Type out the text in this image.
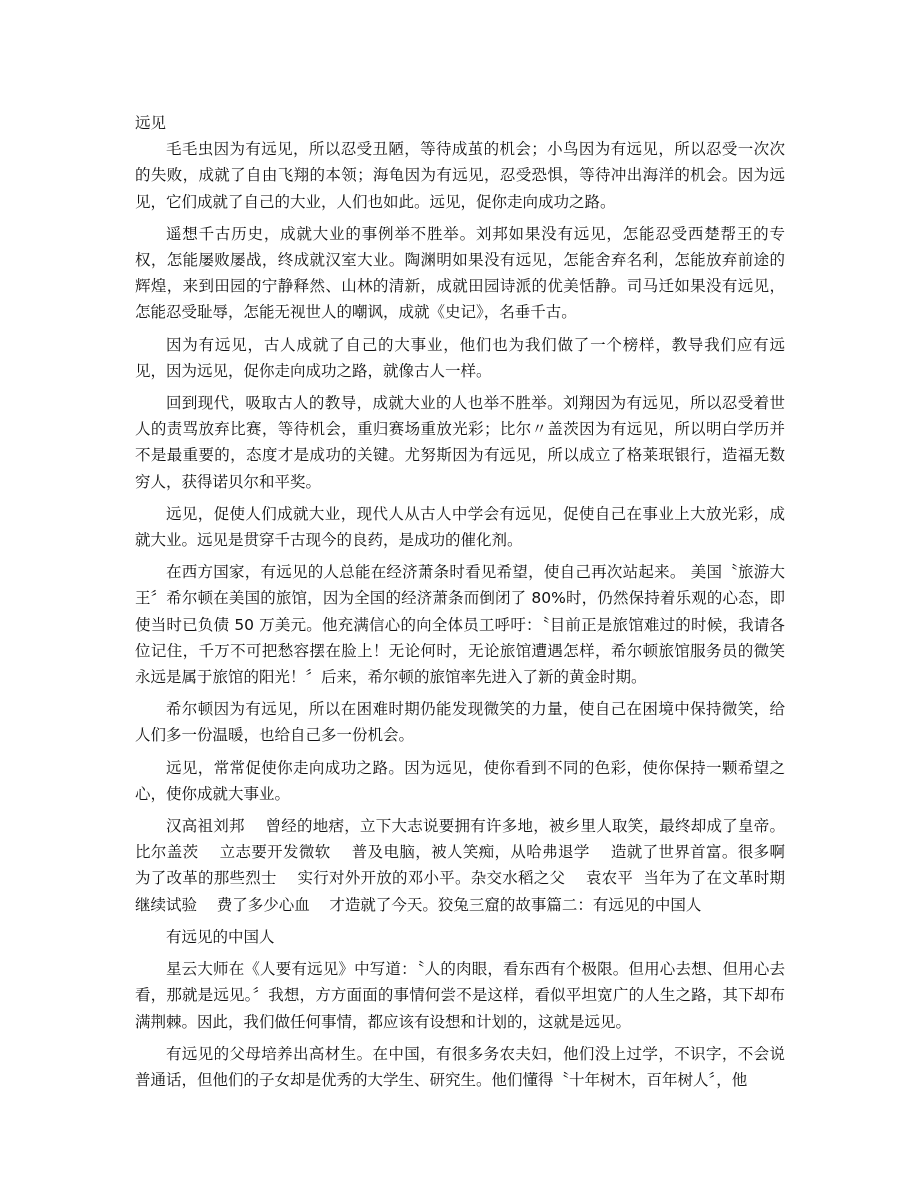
远见

毛毛虫因为有远见，所以忍受丑陋，等待成茧的机会；小鸟因为有远见，所以忍受一次次的失败，成就了自由飞翔的本领；海龟因为有远见，忍受恐惧，等待冲出海洋的机会。因为远见，它们成就了自己的大业，人们也如此。远见，促你走向成功之路。

遥想千古历史，成就大业的事例举不胜举。刘邦如果没有远见，怎能忍受西楚帮王的专权，怎能屡败屡战，终成就汉室大业。陶渊明如果没有远见，怎能舍弃名利，怎能放弃前途的辉煌，来到田园的宁静释然、山林的清新，成就田园诗派的优美恬静。司马迁如果没有远见，怎能忍受耻辱，怎能无视世人的嘲讽，成就《史记》，名垂千古。

因为有远见，古人成就了自己的大事业，他们也为我们做了一个榜样，教导我们应有远见，因为远见，促你走向成功之路，就像古人一样。

回到现代，吸取古人的教导，成就大业的人也举不胜举。刘翔因为有远见，所以忍受着世人的责骂放弃比赛，等待机会，重归赛场重放光彩；比尔〃盖茨因为有远见，所以明白学历并不是最重要的，态度才是成功的关键。尤努斯因为有远见，所以成立了格莱珉银行，造福无数穷人，获得诺贝尔和平奖。

远见，促使人们成就大业，现代人从古人中学会有远见，促使自己在事业上大放光彩，成就大业。远见是贯穿千古现今的良药，是成功的催化剂。

在西方国家，有远见的人总能在经济萧条时看见希望，使自己再次站起来。 美国〝旅游大王〞希尔顿在美国的旅馆，因为全国的经济萧条而倒闭了 80%时，仍然保持着乐观的心态，即使当时已负债 50 万美元。他充满信心的向全体员工呼吁：〝目前正是旅馆难过的时候，我请各位记住，千万不可把愁容摆在脸上！无论何时，无论旅馆遭遇怎样，希尔顿旅馆服务员的微笑永远是属于旅馆的阳光！〞后来，希尔顿的旅馆率先进入了新的黄金时期。

希尔顿因为有远见，所以在困难时期仍能发现微笑的力量，使自己在困境中保持微笑，给人们多一份温暖，也给自己多一份机会。

远见，常常促使你走向成功之路。因为远见，使你看到不同的色彩，使你保持一颗希望之心，使你成就大事业。

汉高祖刘邦    曾经的地痞，立下大志说要拥有许多地，被乡里人取笑，最终却成了皇帝。比尔盖茨    立志要开发微软    普及电脑，被人笑痴，从哈弗退学    造就了世界首富。很多啊    为了改革的那些烈士    实行对外开放的邓小平。杂交水稻之父    袁农平  当年为了在文革时期继续试验    费了多少心血    才造就了今天。狡兔三窟的故事篇二：有远见的中国人

有远见的中国人

星云大师在《人要有远见》中写道：〝人的肉眼，看东西有个极限。但用心去想、但用心去看，那就是远见。〞我想，方方面面的事情何尝不是这样，看似平坦宽广的人生之路，其下却布满荆棘。因此，我们做任何事情，都应该有设想和计划的，这就是远见。

有远见的父母培养出高材生。在中国，有很多务农夫妇，他们没上过学，不识字，不会说普通话，但他们的子女却是优秀的大学生、研究生。他们懂得〝十年树木，百年树人〞，他
